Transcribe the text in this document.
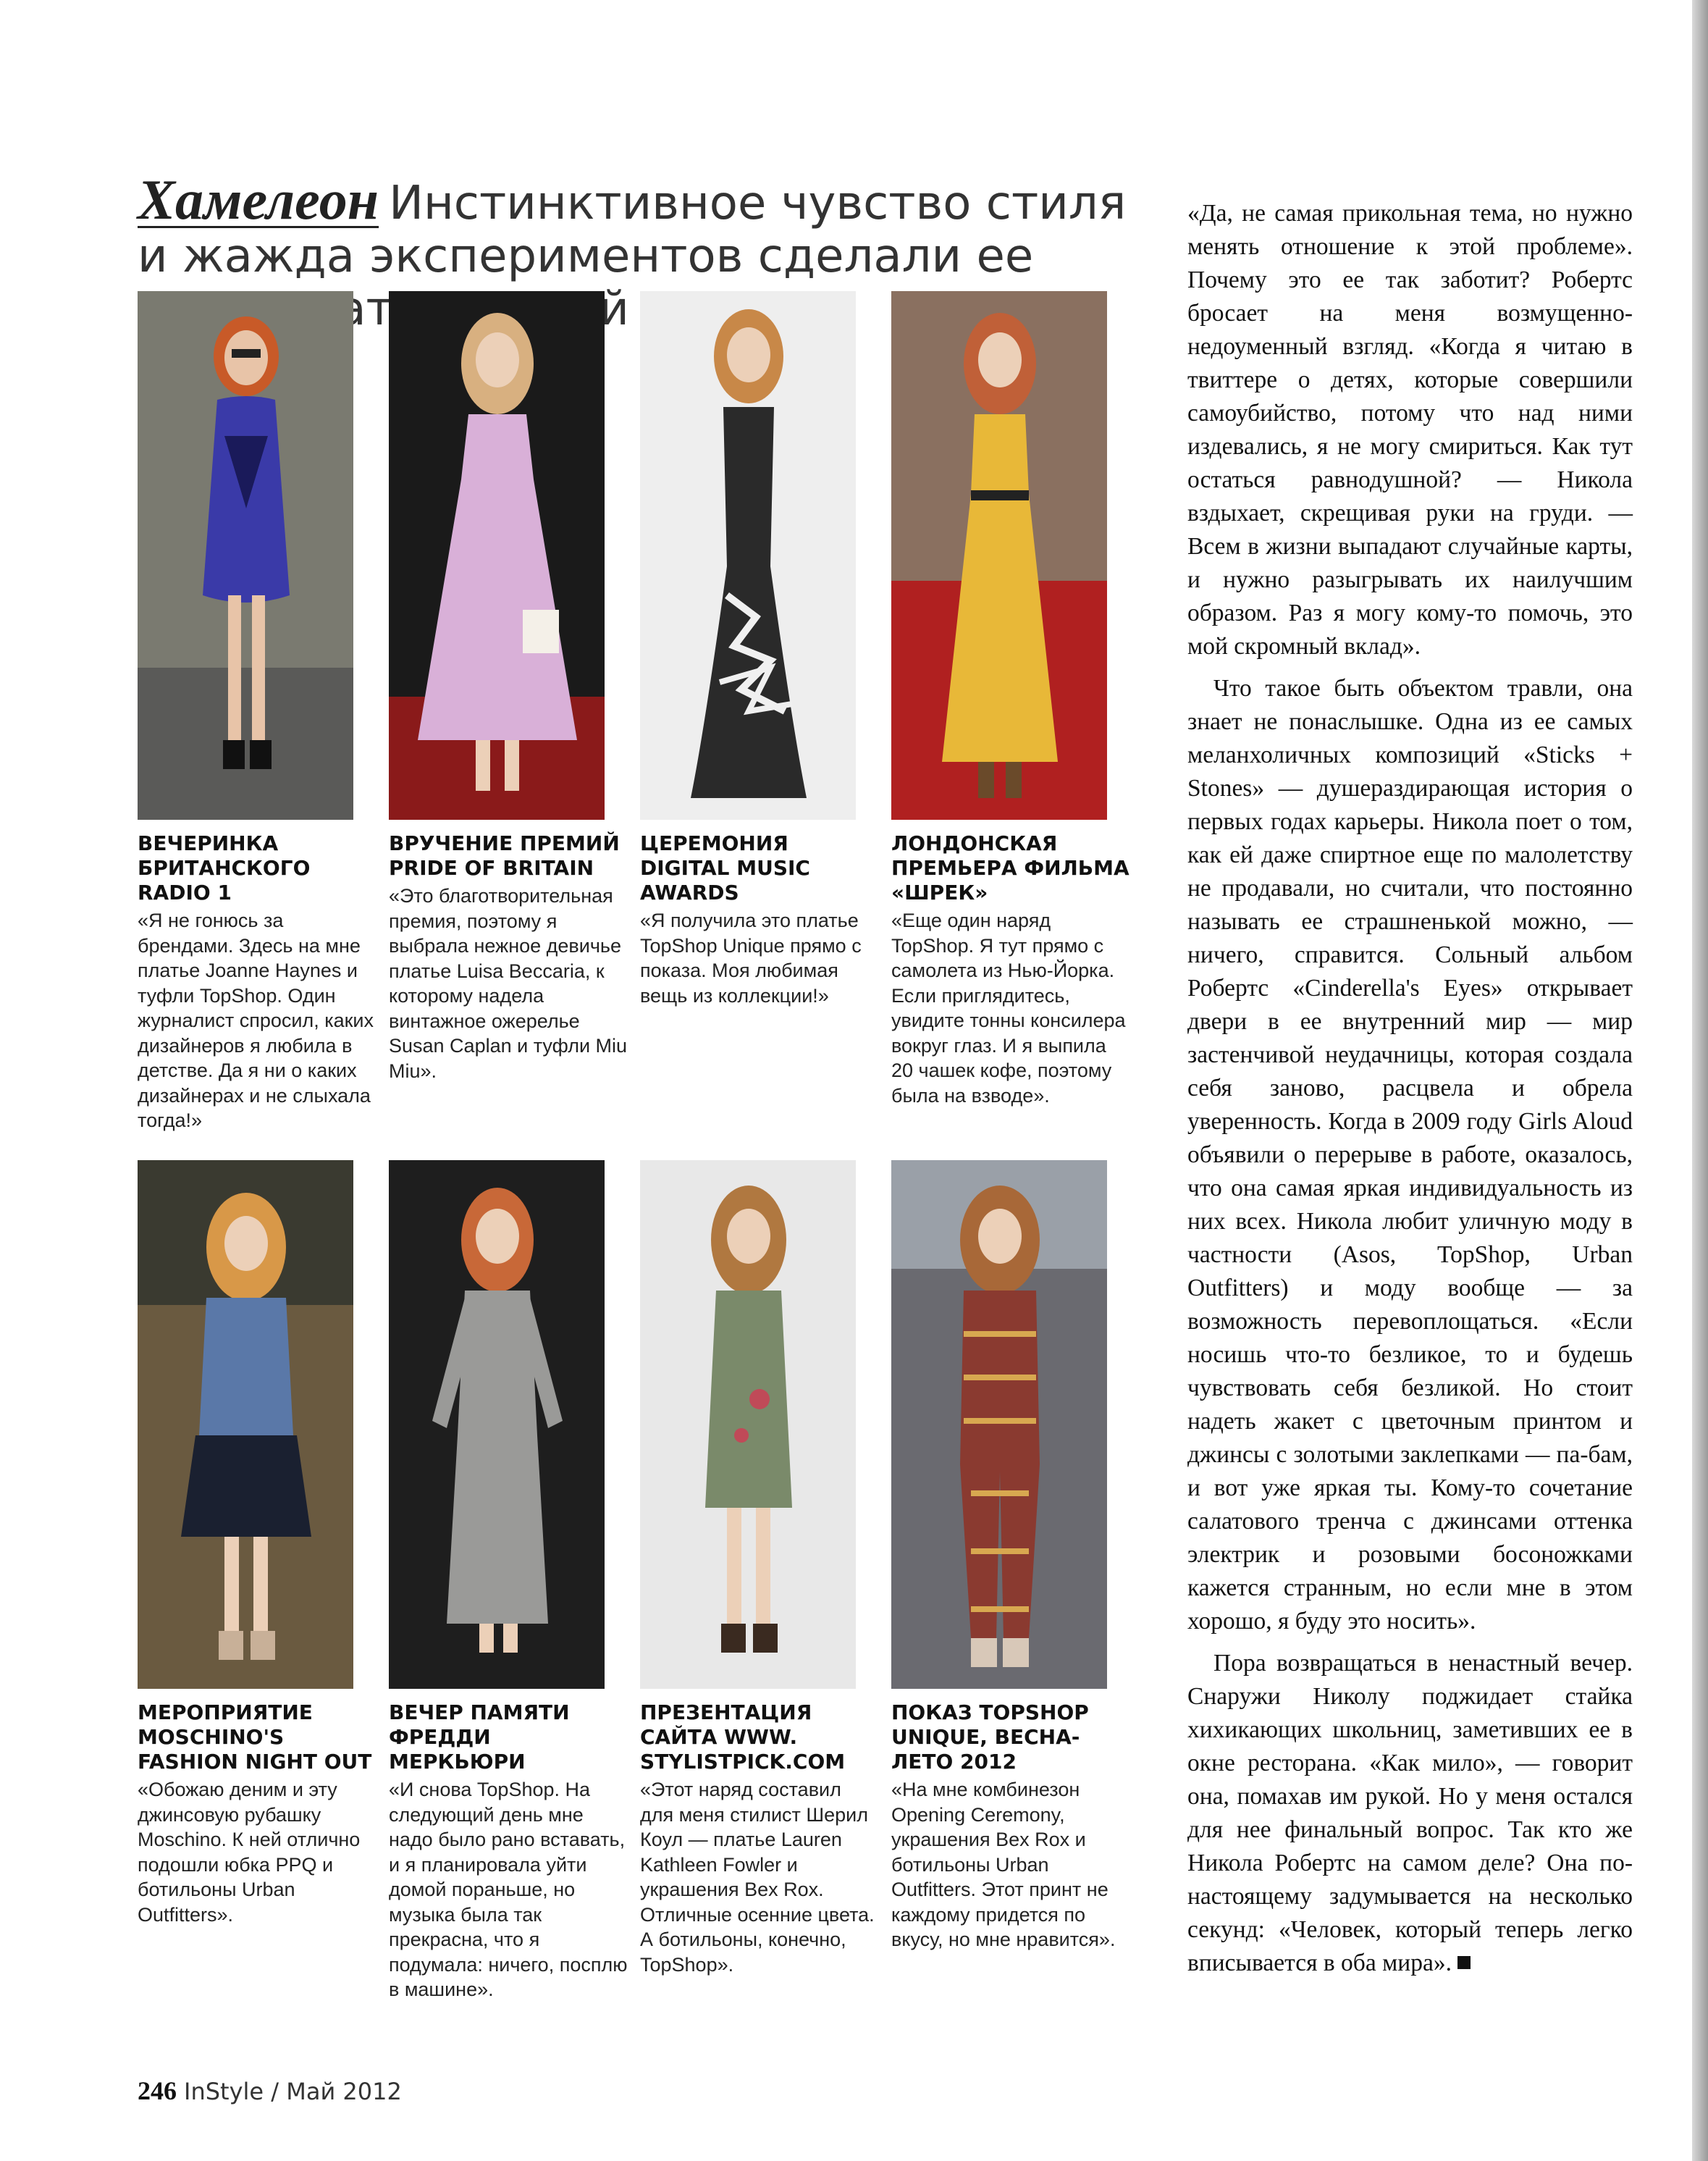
Хамелеон Инстинктивное чувство стиля и жажда экспериментов сделали ее законодательницей

ВЕЧЕРИНКА БРИТАНСКОГО RADIO 1

«Я не гонюсь за брендами. Здесь на мне платье Joanne Haynes и туфли TopShop. Один журналист спросил, каких дизайнеров я любила в детстве. Да я ни о каких дизайнерах и не слыхала тогда!»

ВРУЧЕНИЕ ПРЕМИЙ PRIDE OF BRITAIN

«Это благотворительная премия, поэтому я выбрала нежное девичье платье Luisa Beccaria, к которому надела винтажное ожерелье Susan Caplan и туфли Miu Miu».

ЦЕРЕМОНИЯ DIGITAL MUSIC AWARDS

«Я получила это платье TopShop Unique прямо с показа. Моя любимая вещь из коллекции!»

ЛОНДОНСКАЯ ПРЕМЬЕРА ФИЛЬМА «ШРЕК»

«Еще один наряд TopShop. Я тут прямо с самолета из Нью-Йорка. Если приглядитесь, увидите тонны консилера вокруг глаз. И я выпила 20 чашек кофе, поэтому была на взводе».

МЕРОПРИЯТИЕ MOSCHINO'S FASHION NIGHT OUT

«Обожаю деним и эту джинсовую рубашку Moschino. К ней отлично подошли юбка PPQ и ботильоны Urban Outfitters».

ВЕЧЕР ПАМЯТИ ФРЕДДИ МЕРКЬЮРИ

«И снова TopShop. На следующий день мне надо было рано вставать, и я планировала уйти домой пораньше, но музыка была так прекрасна, что я подумала: ничего, посплю в машине».

ПРЕЗЕНТАЦИЯ САЙТА WWW. STYLISTPICK.COM

«Этот наряд составил для меня стилист Шерил Коул — платье Lauren Kathleen Fowler и украшения Bex Rox. Отличные осенние цвета. А ботильоны, конечно, TopShop».

ПОКАЗ TOPSHOP UNIQUE, ВЕСНА-ЛЕТО 2012

«На мне комбинезон Opening Ceremony, украшения Bex Rox и ботильоны Urban Outfitters. Этот принт не каждому придется по вкусу, но мне нравится».

«Да, не самая прикольная тема, но нужно менять отношение к этой проблеме». Почему это ее так заботит? Робертс бросает на меня возмущенно-недоуменный взгляд. «Когда я читаю в твиттере о детях, которые совершили самоубийство, потому что над ними издевались, я не могу смириться. Как тут остаться равнодушной? — Никола вздыхает, скрещивая руки на груди. — Всем в жизни выпадают случайные карты, и нужно разыгрывать их наилучшим образом. Раз я могу кому-то помочь, это мой скромный вклад».

Что такое быть объектом травли, она знает не понаслышке. Одна из ее самых меланхоличных композиций «Sticks + Stones» — душераздирающая история о первых годах карьеры. Никола поет о том, как ей даже спиртное еще по малолетству не продавали, но считали, что постоянно называть ее страшненькой можно, — ничего, справится. Сольный альбом Робертс «Cinderella's Eyes» открывает двери в ее внутренний мир — мир застенчивой неудачницы, которая создала себя заново, расцвела и обрела уверенность. Когда в 2009 году Girls Aloud объявили о перерыве в работе, оказалось, что она самая яркая индивидуальность из них всех. Никола любит уличную моду в частности (Asos, TopShop, Urban Outfitters) и моду вообще — за возможность перевоплощаться. «Если носишь что-то безликое, то и будешь чувствовать себя безликой. Но стоит надеть жакет с цветочным принтом и джинсы с золотыми заклепками — па-бам, и вот уже яркая ты. Кому-то сочетание салатового тренча с джинсами оттенка электрик и розовыми босоножками кажется странным, но если мне в этом хорошо, я буду это носить».

Пора возвращаться в ненастный вечер. Снаружи Николу поджидает стайка хихикающих школьниц, заметивших ее в окне ресторана. «Как мило», — говорит она, помахав им рукой. Но у меня остался для нее финальный вопрос. Так кто же Никола Робертс на самом деле? Она по-настоящему задумывается на несколько секунд: «Человек, который теперь легко вписывается в оба мира».

246 InStyle / Май 2012
